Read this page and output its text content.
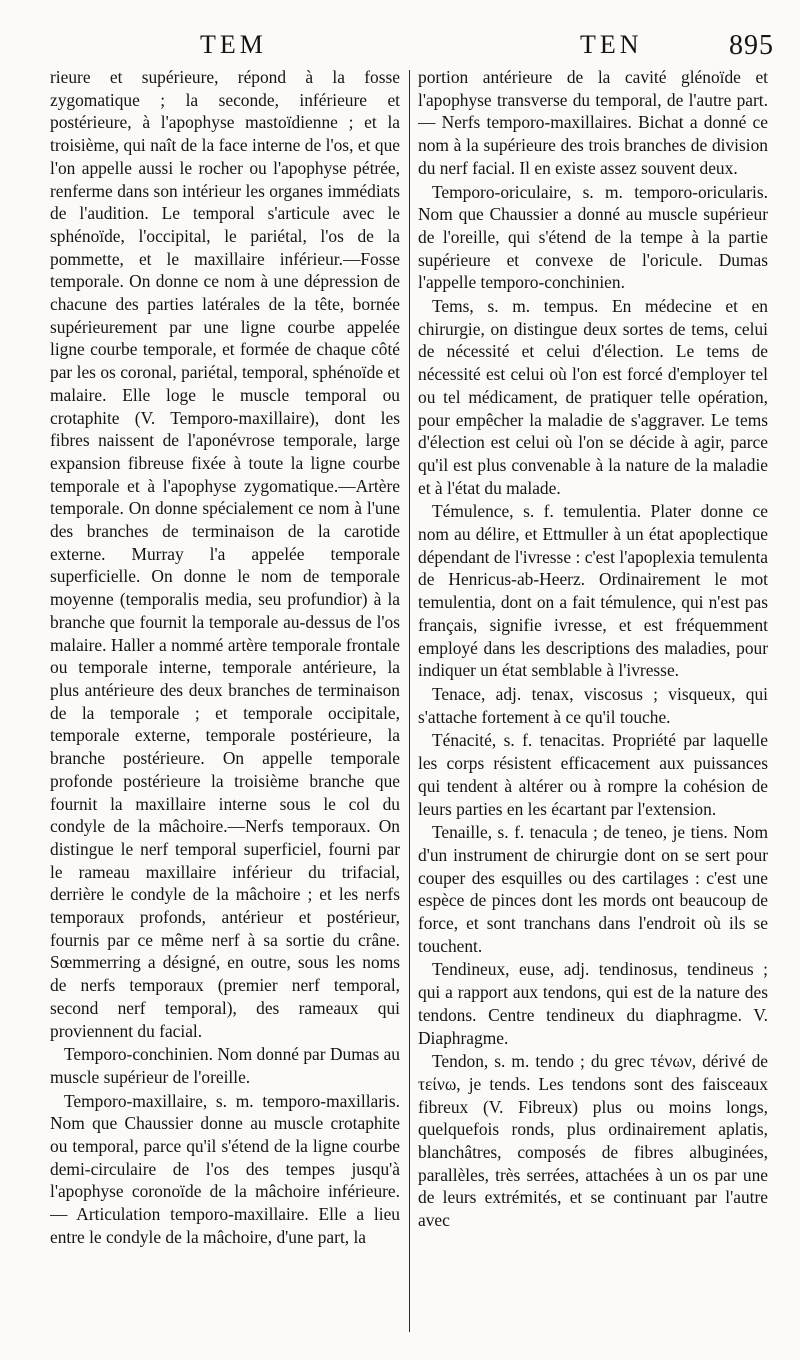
TEM	TEN	895

rieure et supérieure, répond à la fosse zygomatique ; la seconde, inférieure et postérieure, à l'apophyse mastoïdienne ; et la troisième, qui naît de la face interne de l'os, et que l'on appelle aussi le rocher ou l'apophyse pétrée, renferme dans son intérieur les organes immédiats de l'audition. Le temporal s'articule avec le sphénoïde, l'occipital, le pariétal, l'os de la pommette, et le maxillaire inférieur.—Fosse temporale. On donne ce nom à une dépression de chacune des parties latérales de la tête, bornée supérieurement par une ligne courbe appelée ligne courbe temporale, et formée de chaque côté par les os coronal, pariétal, temporal, sphénoïde et malaire. Elle loge le muscle temporal ou crotaphite (V. Temporo-maxillaire), dont les fibres naissent de l'aponévrose temporale, large expansion fibreuse fixée à toute la ligne courbe temporale et à l'apophyse zygomatique.—Artère temporale. On donne spécialement ce nom à l'une des branches de terminaison de la carotide externe. Murray l'a appelée temporale superficielle. On donne le nom de temporale moyenne (temporalis media, seu profundior) à la branche que fournit la temporale au-dessus de l'os malaire. Haller a nommé artère temporale frontale ou temporale interne, temporale antérieure, la plus antérieure des deux branches de terminaison de la temporale ; et temporale occipitale, temporale externe, temporale postérieure, la branche postérieure. On appelle temporale profonde postérieure la troisième branche que fournit la maxillaire interne sous le col du condyle de la mâchoire.—Nerfs temporaux. On distingue le nerf temporal superficiel, fourni par le rameau maxillaire inférieur du trifacial, derrière le condyle de la mâchoire ; et les nerfs temporaux profonds, antérieur et postérieur, fournis par ce même nerf à sa sortie du crâne. Sœmmerring a désigné, en outre, sous les noms de nerfs temporaux (premier nerf temporal, second nerf temporal), des rameaux qui proviennent du facial.

Temporo-conchinien. Nom donné par Dumas au muscle supérieur de l'oreille.

Temporo-maxillaire, s. m. temporo-maxillaris. Nom que Chaussier donne au muscle crotaphite ou temporal, parce qu'il s'étend de la ligne courbe demi-circulaire de l'os des tempes jusqu'à l'apophyse coronoïde de la mâchoire inférieure. — Articulation temporo-maxillaire. Elle a lieu entre le condyle de la mâchoire, d'une part, la

portion antérieure de la cavité glénoïde et l'apophyse transverse du temporal, de l'autre part.— Nerfs temporo-maxillaires. Bichat a donné ce nom à la supérieure des trois branches de division du nerf facial. Il en existe assez souvent deux.

Temporo-oriculaire, s. m. temporo-oricularis. Nom que Chaussier a donné au muscle supérieur de l'oreille, qui s'étend de la tempe à la partie supérieure et convexe de l'oricule. Dumas l'appelle temporo-conchinien.

Tems, s. m. tempus. En médecine et en chirurgie, on distingue deux sortes de tems, celui de nécessité et celui d'élection. Le tems de nécessité est celui où l'on est forcé d'employer tel ou tel médicament, de pratiquer telle opération, pour empêcher la maladie de s'aggraver. Le tems d'élection est celui où l'on se décide à agir, parce qu'il est plus convenable à la nature de la maladie et à l'état du malade.

Témulence, s. f. temulentia. Plater donne ce nom au délire, et Ettmuller à un état apoplectique dépendant de l'ivresse : c'est l'apoplexia temulenta de Henricus-ab-Heerz. Ordinairement le mot temulentia, dont on a fait témulence, qui n'est pas français, signifie ivresse, et est fréquemment employé dans les descriptions des maladies, pour indiquer un état semblable à l'ivresse.

Tenace, adj. tenax, viscosus ; visqueux, qui s'attache fortement à ce qu'il touche.

Ténacité, s. f. tenacitas. Propriété par laquelle les corps résistent efficacement aux puissances qui tendent à altérer ou à rompre la cohésion de leurs parties en les écartant par l'extension.

Tenaille, s. f. tenacula ; de teneo, je tiens. Nom d'un instrument de chirurgie dont on se sert pour couper des esquilles ou des cartilages : c'est une espèce de pinces dont les mords ont beaucoup de force, et sont tranchans dans l'endroit où ils se touchent.

Tendineux, euse, adj. tendinosus, tendineus ; qui a rapport aux tendons, qui est de la nature des tendons. Centre tendineux du diaphragme. V. Diaphragme.

Tendon, s. m. tendo ; du grec τένων, dérivé de τείνω, je tends. Les tendons sont des faisceaux fibreux (V. Fibreux) plus ou moins longs, quelquefois ronds, plus ordinairement aplatis, blanchâtres, composés de fibres albuginées, parallèles, très serrées, attachées à un os par une de leurs extrémités, et se continuant par l'autre avec
